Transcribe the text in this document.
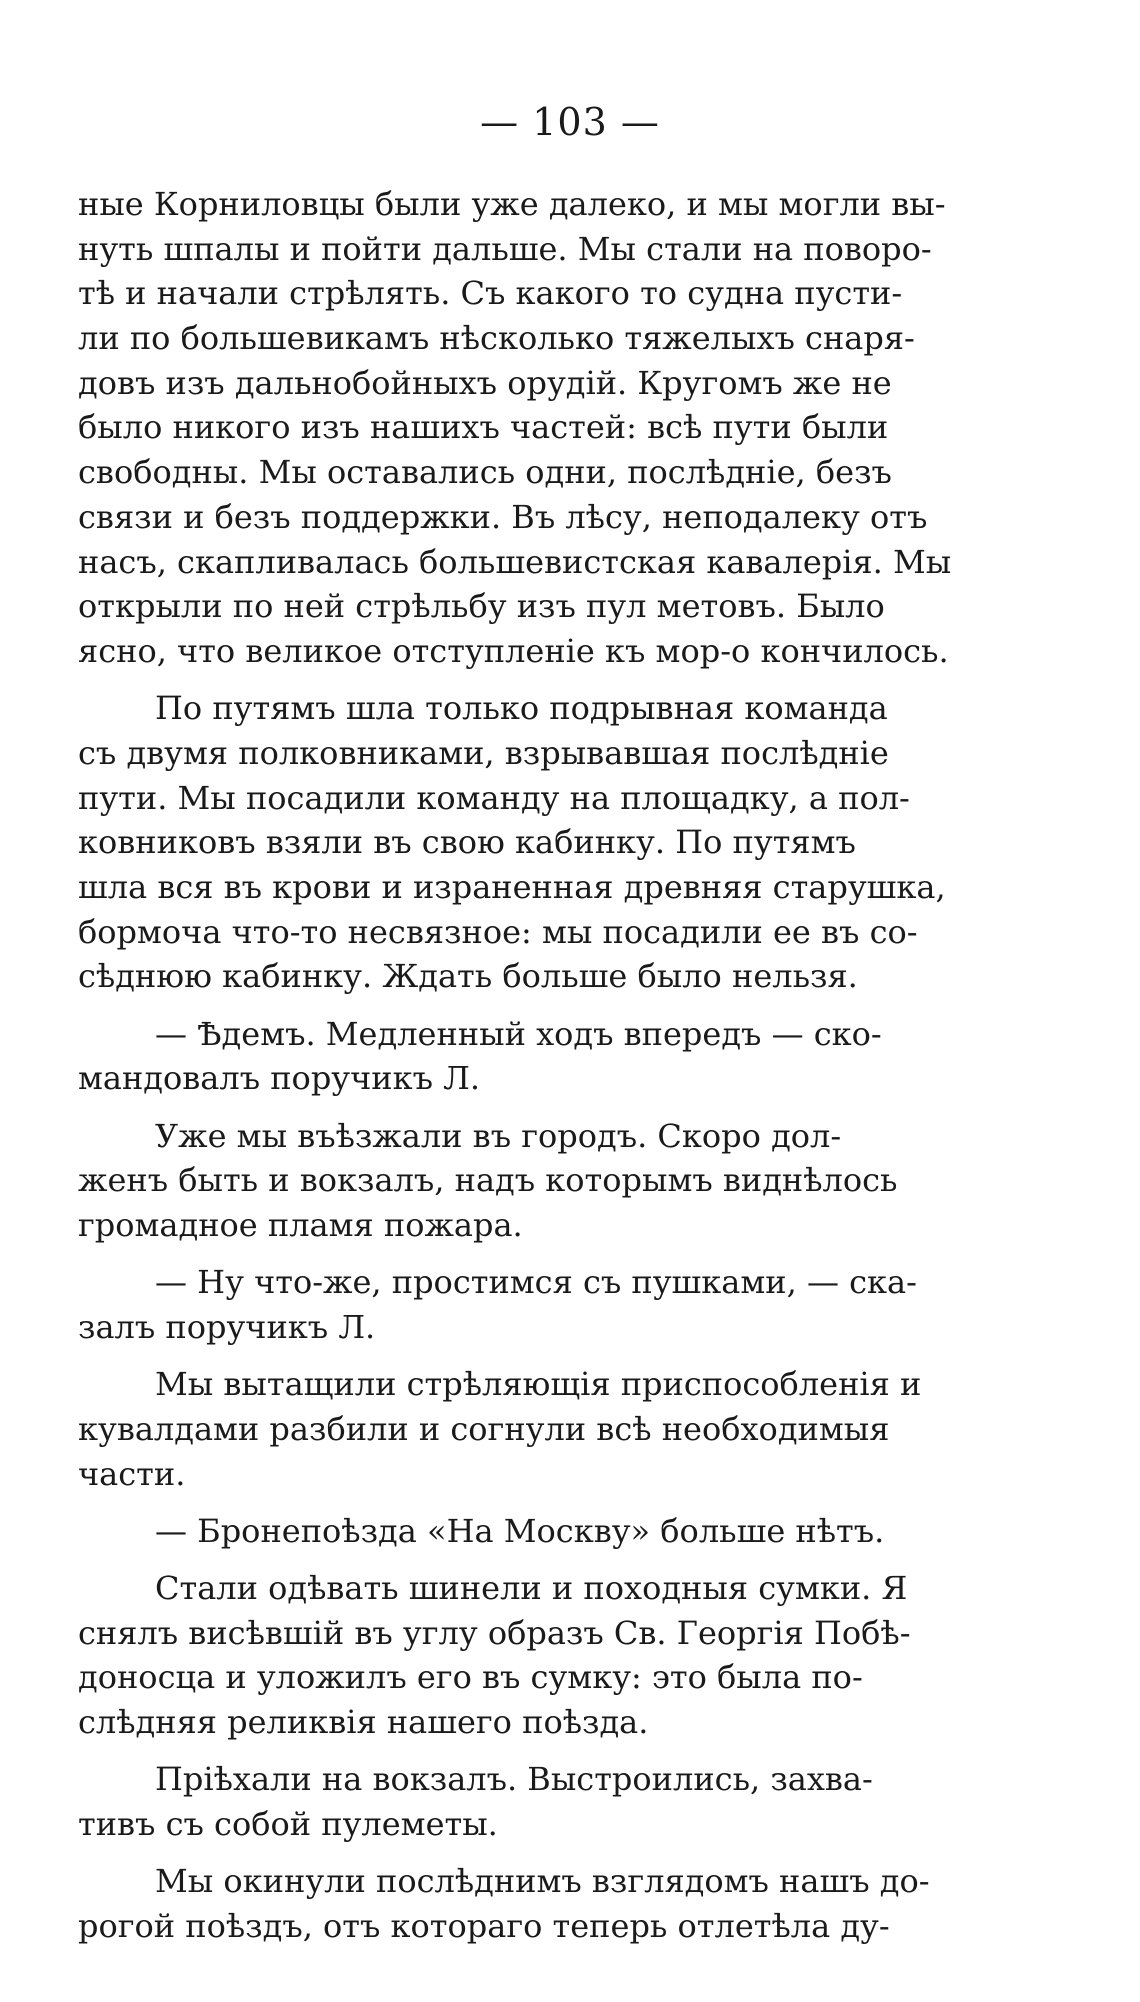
— 103 —
ные Корниловцы были уже далеко, и мы могли вы-
нуть шпалы и пойти дальше. Мы стали на поворо-
тѣ и начали стрѣлять. Съ какого то судна пусти-
ли по большевикамъ нѣсколько тяжелыхъ снаря-
довъ изъ дальнобойныхъ орудій. Кругомъ же не
было никого изъ нашихъ частей: всѣ пути были
свободны. Мы оставались одни, послѣдніе, безъ
связи и безъ поддержки. Въ лѣсу, неподалеку отъ
насъ, скапливалась большевистская кавалерія. Мы
открыли по ней стрѣльбу изъ пул метовъ. Было
ясно, что великое отступленіе къ мор-о кончилось.
По путямъ шла только подрывная команда
съ двумя полковниками, взрывавшая послѣдніе
пути. Мы посадили команду на площадку, а пол-
ковниковъ взяли въ свою кабинку. По путямъ
шла вся въ крови и израненная древняя старушка,
бормоча что-то несвязное: мы посадили ее въ со-
сѣднюю кабинку. Ждать больше было нельзя.
— Ѣдемъ. Медленный ходъ впередъ — ско-
мандовалъ поручикъ Л.
Уже мы въѣзжали въ городъ. Скоро дол-
женъ быть и вокзалъ, надъ которымъ виднѣлось
громадное пламя пожара.
— Ну что-же, простимся съ пушками, — ска-
залъ поручикъ Л.
Мы вытащили стрѣляющія приспособленія и
кувалдами разбили и согнули всѣ необходимыя
части.
— Бронепоѣзда «На Москву» больше нѣтъ.
Стали одѣвать шинели и походныя сумки. Я
снялъ висѣвшій въ углу образъ Св. Георгія Побѣ-
доносца и уложилъ его въ сумку: это была по-
слѣдняя реликвія нашего поѣзда.
Пріѣхали на вокзалъ. Выстроились, захва-
тивъ съ собой пулеметы.
Мы окинули послѣднимъ взглядомъ нашъ до-
рогой поѣздъ, отъ котораго теперь отлетѣла ду-
